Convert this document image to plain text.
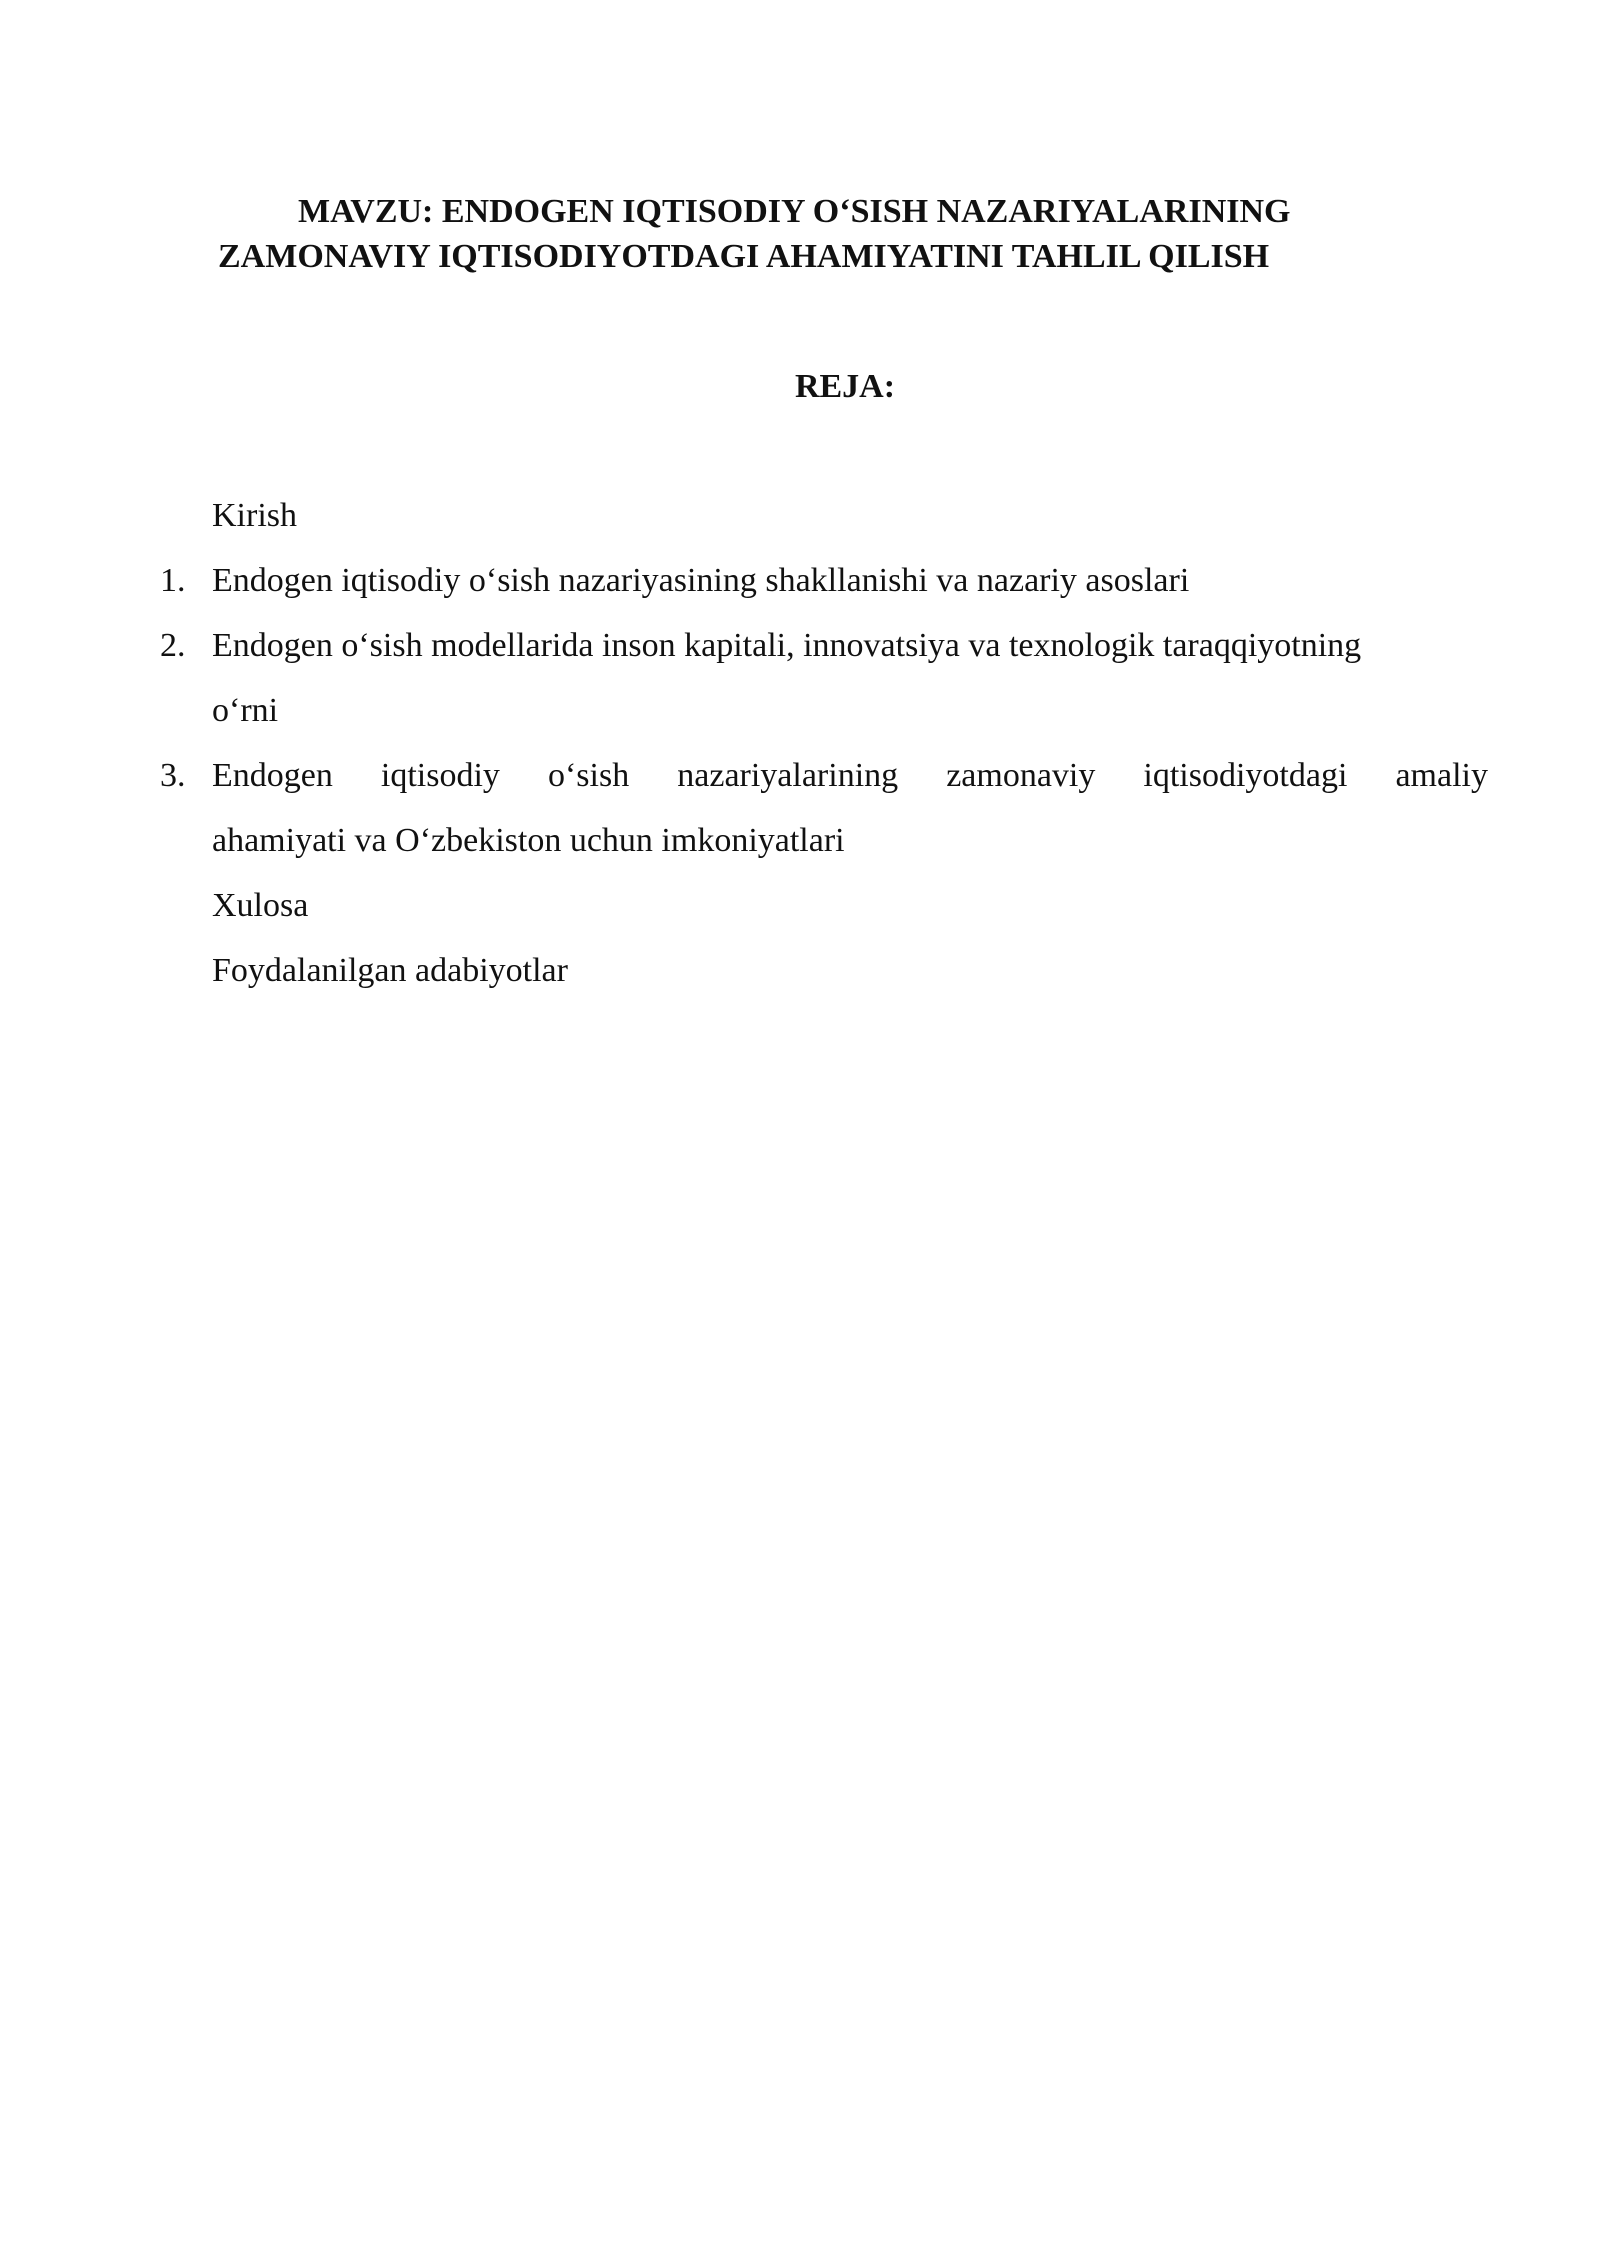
MAVZU: ENDOGEN IQTISODIY O‘SISH NAZARIYALARINING
ZAMONAVIY IQTISODIYOTDAGI AHAMIYATINI TAHLIL QILISH
REJA:
Kirish
1. Endogen iqtisodiy o‘sish nazariyasining shakllanishi va nazariy asoslari
2. Endogen o‘sish modellarida inson kapitali, innovatsiya va texnologik taraqqiyotning
o‘rni
3. Endogen iqtisodiy o‘sish nazariyalarining zamonaviy iqtisodiyotdagi amaliy
ahamiyati va O‘zbekiston uchun imkoniyatlari
Xulosa
Foydalanilgan adabiyotlar
